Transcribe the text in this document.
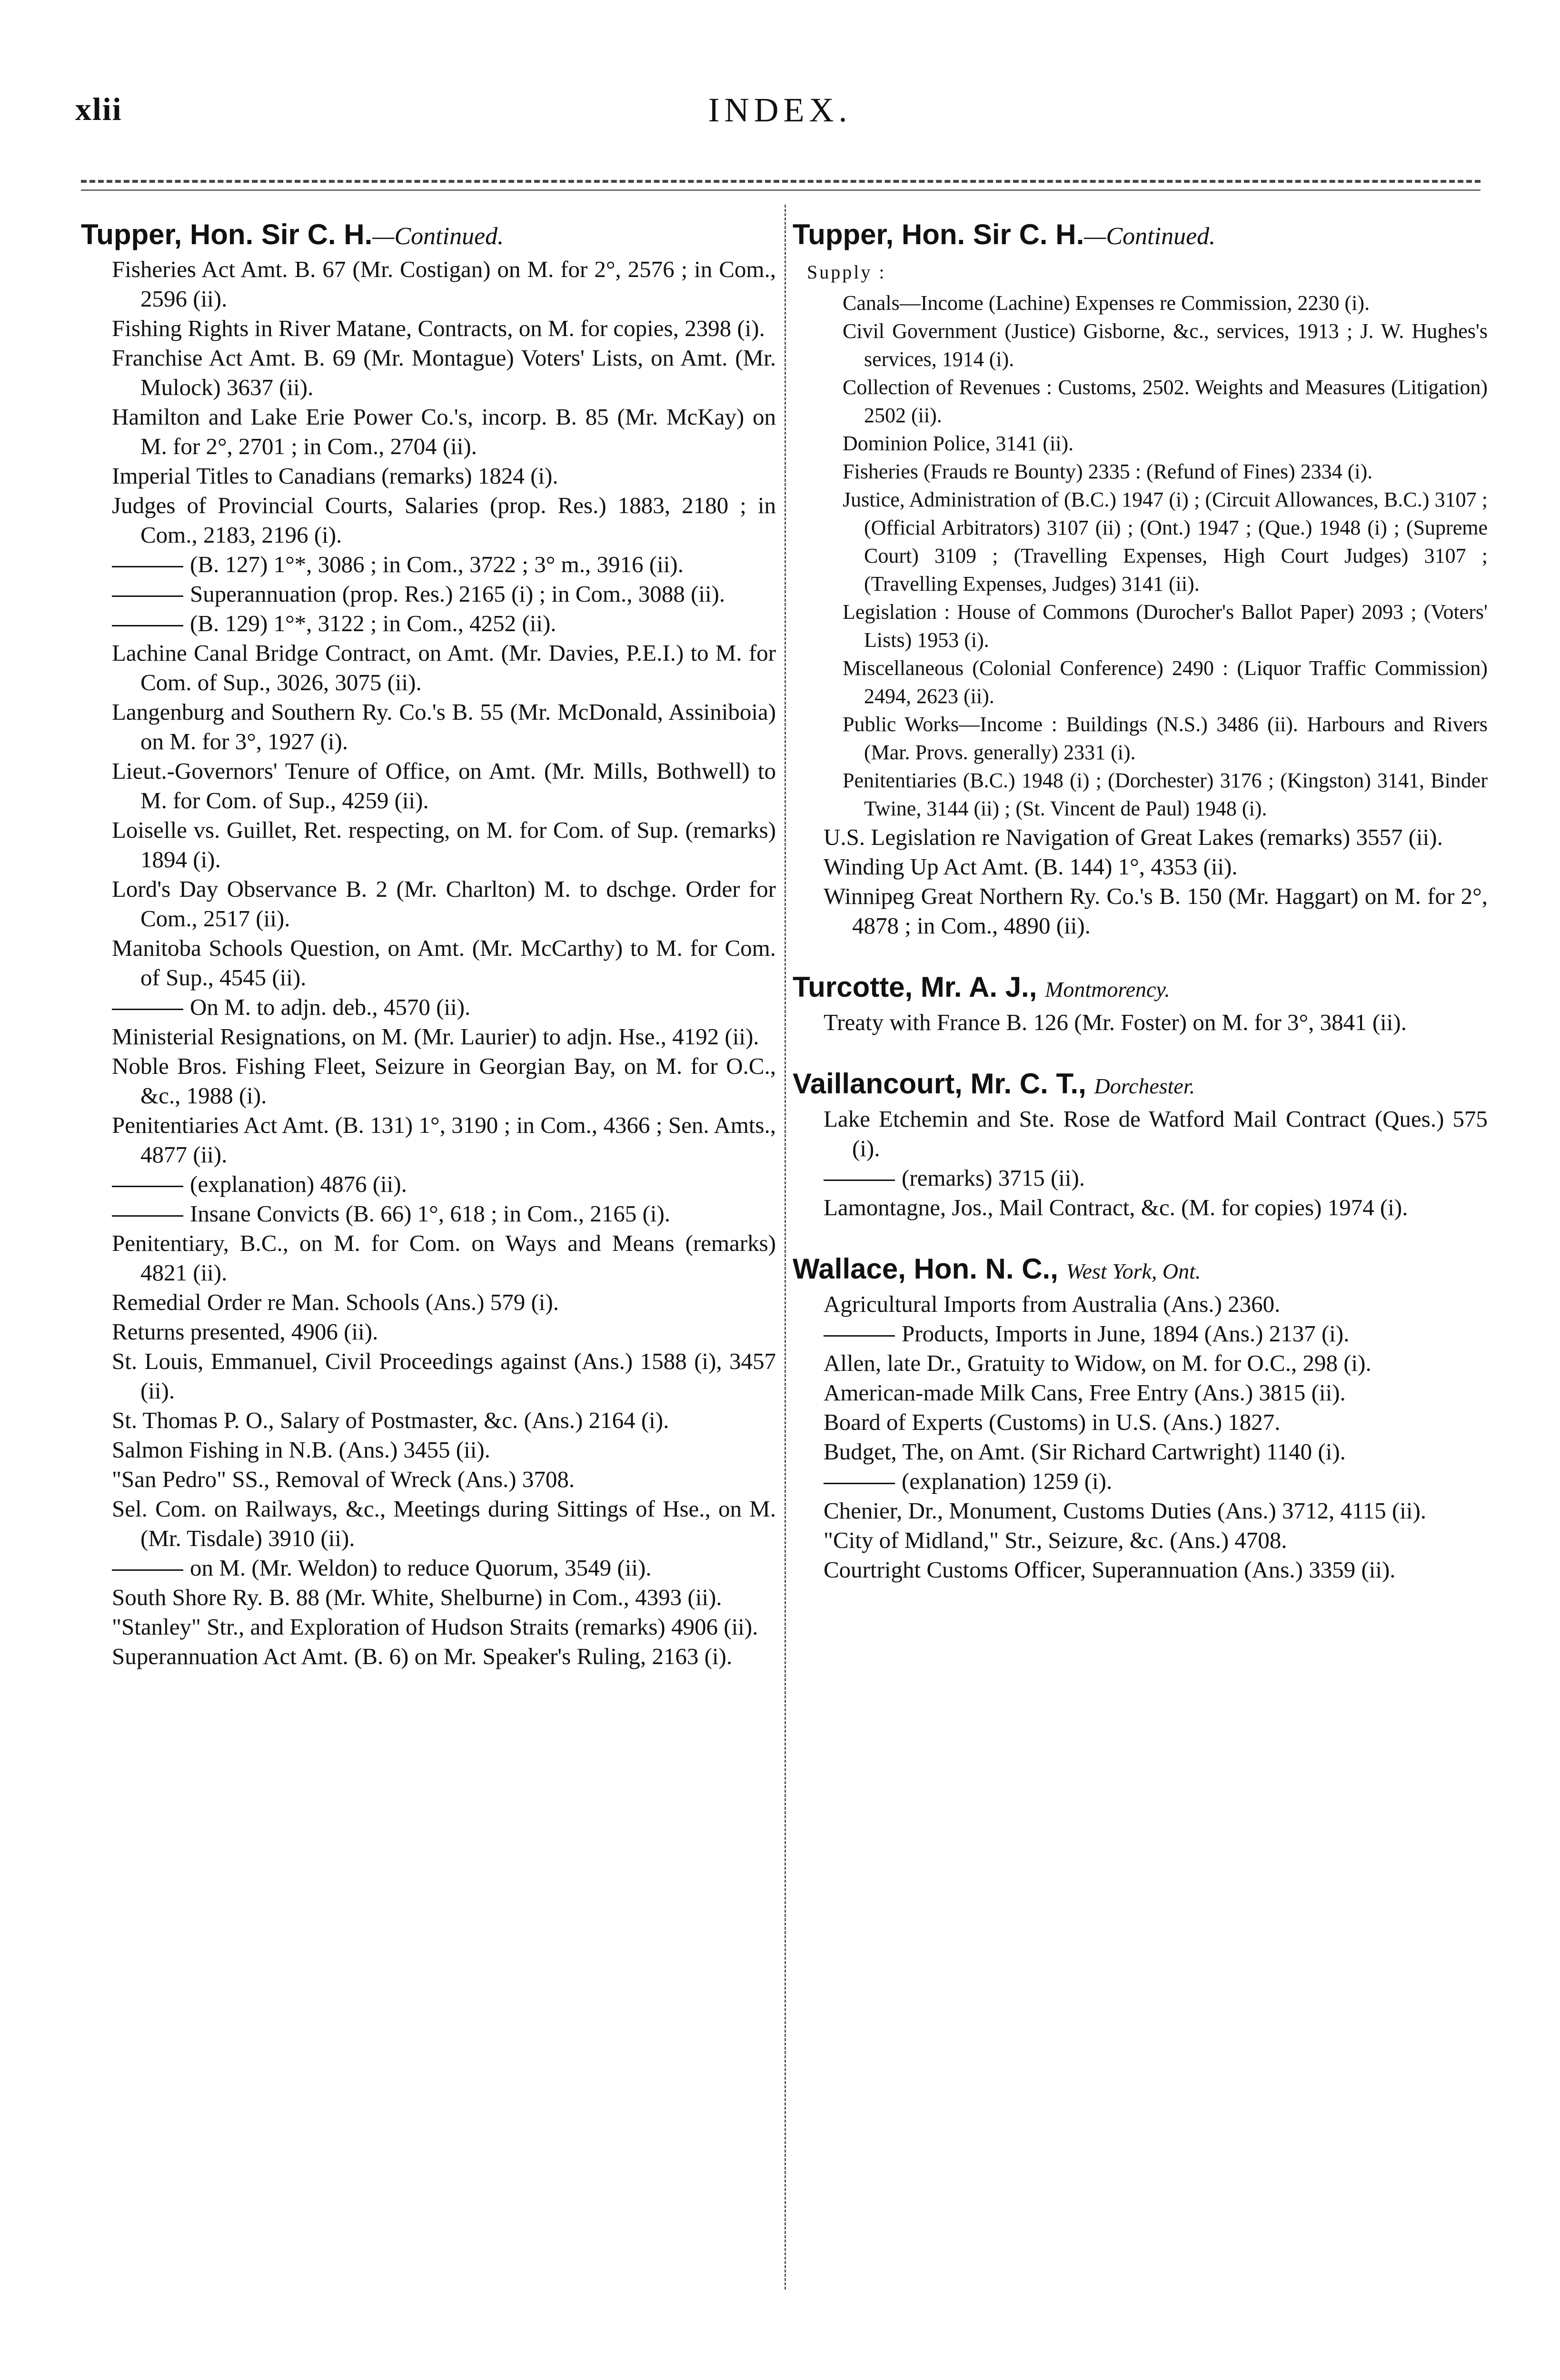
INDEX.
xlii

Tupper, Hon. Sir C. H.—Continued.

Fisheries Act Amt. B. 67 (Mr. Costigan) on M. for 2°, 2576 ; in Com., 2596 (ii).

Fishing Rights in River Matane, Contracts, on M. for copies, 2398 (i).

Franchise Act Amt. B. 69 (Mr. Montague) Voters' Lists, on Amt. (Mr. Mulock) 3637 (ii).

Hamilton and Lake Erie Power Co.'s, incorp. B. 85 (Mr. McKay) on M. for 2°, 2701 ; in Com., 2704 (ii).

Imperial Titles to Canadians (remarks) 1824 (i).

Judges of Provincial Courts, Salaries (prop. Res.) 1883, 2180 ; in Com., 2183, 2196 (i).

(B. 127) 1°*, 3086 ; in Com., 3722 ; 3° m., 3916 (ii).

Superannuation (prop. Res.) 2165 (i) ; in Com., 3088 (ii).

(B. 129) 1°*, 3122 ; in Com., 4252 (ii).

Lachine Canal Bridge Contract, on Amt. (Mr. Davies, P.E.I.) to M. for Com. of Sup., 3026, 3075 (ii).

Langenburg and Southern Ry. Co.'s B. 55 (Mr. McDonald, Assiniboia) on M. for 3°, 1927 (i).

Lieut.-Governors' Tenure of Office, on Amt. (Mr. Mills, Bothwell) to M. for Com. of Sup., 4259 (ii).

Loiselle vs. Guillet, Ret. respecting, on M. for Com. of Sup. (remarks) 1894 (i).

Lord's Day Observance B. 2 (Mr. Charlton) M. to dschge. Order for Com., 2517 (ii).

Manitoba Schools Question, on Amt. (Mr. McCarthy) to M. for Com. of Sup., 4545 (ii).

On M. to adjn. deb., 4570 (ii).

Ministerial Resignations, on M. (Mr. Laurier) to adjn. Hse., 4192 (ii).

Noble Bros. Fishing Fleet, Seizure in Georgian Bay, on M. for O.C., &c., 1988 (i).

Penitentiaries Act Amt. (B. 131) 1°, 3190 ; in Com., 4366 ; Sen. Amts., 4877 (ii).

(explanation) 4876 (ii).

Insane Convicts (B. 66) 1°, 618 ; in Com., 2165 (i).

Penitentiary, B.C., on M. for Com. on Ways and Means (remarks) 4821 (ii).

Remedial Order re Man. Schools (Ans.) 579 (i).

Returns presented, 4906 (ii).

St. Louis, Emmanuel, Civil Proceedings against (Ans.) 1588 (i), 3457 (ii).

St. Thomas P. O., Salary of Postmaster, &c. (Ans.) 2164 (i).

Salmon Fishing in N.B. (Ans.) 3455 (ii).

"San Pedro" SS., Removal of Wreck (Ans.) 3708.

Sel. Com. on Railways, &c., Meetings during Sittings of Hse., on M. (Mr. Tisdale) 3910 (ii).

on M. (Mr. Weldon) to reduce Quorum, 3549 (ii).

South Shore Ry. B. 88 (Mr. White, Shelburne) in Com., 4393 (ii).

"Stanley" Str., and Exploration of Hudson Straits (remarks) 4906 (ii).

Superannuation Act Amt. (B. 6) on Mr. Speaker's Ruling, 2163 (i).

Tupper, Hon. Sir C. H.—Continued.

Supply :

Canals—Income (Lachine) Expenses re Commission, 2230 (i).

Civil Government (Justice) Gisborne, &c., services, 1913 ; J. W. Hughes's services, 1914 (i).

Collection of Revenues : Customs, 2502. Weights and Measures (Litigation) 2502 (ii).

Dominion Police, 3141 (ii).

Fisheries (Frauds re Bounty) 2335 : (Refund of Fines) 2334 (i).

Justice, Administration of (B.C.) 1947 (i) ; (Circuit Allowances, B.C.) 3107 ; (Official Arbitrators) 3107 (ii) ; (Ont.) 1947 ; (Que.) 1948 (i) ; (Supreme Court) 3109 ; (Travelling Expenses, High Court Judges) 3107 ; (Travelling Expenses, Judges) 3141 (ii).

Legislation : House of Commons (Durocher's Ballot Paper) 2093 ; (Voters' Lists) 1953 (i).

Miscellaneous (Colonial Conference) 2490 : (Liquor Traffic Commission) 2494, 2623 (ii).

Public Works—Income : Buildings (N.S.) 3486 (ii). Harbours and Rivers (Mar. Provs. generally) 2331 (i).

Penitentiaries (B.C.) 1948 (i) ; (Dorchester) 3176 ; (Kingston) 3141, Binder Twine, 3144 (ii) ; (St. Vincent de Paul) 1948 (i).

U.S. Legislation re Navigation of Great Lakes (remarks) 3557 (ii).

Winding Up Act Amt. (B. 144) 1°, 4353 (ii).

Winnipeg Great Northern Ry. Co.'s B. 150 (Mr. Haggart) on M. for 2°, 4878 ; in Com., 4890 (ii).

Turcotte, Mr. A. J., Montmorency.

Treaty with France B. 126 (Mr. Foster) on M. for 3°, 3841 (ii).

Vaillancourt, Mr. C. T., Dorchester.

Lake Etchemin and Ste. Rose de Watford Mail Contract (Ques.) 575 (i).

(remarks) 3715 (ii).

Lamontagne, Jos., Mail Contract, &c. (M. for copies) 1974 (i).

Wallace, Hon. N. C., West York, Ont.

Agricultural Imports from Australia (Ans.) 2360.

Products, Imports in June, 1894 (Ans.) 2137 (i).

Allen, late Dr., Gratuity to Widow, on M. for O.C., 298 (i).

American-made Milk Cans, Free Entry (Ans.) 3815 (ii).

Board of Experts (Customs) in U.S. (Ans.) 1827.

Budget, The, on Amt. (Sir Richard Cartwright) 1140 (i).

(explanation) 1259 (i).

Chenier, Dr., Monument, Customs Duties (Ans.) 3712, 4115 (ii).

"City of Midland," Str., Seizure, &c. (Ans.) 4708.

Courtright Customs Officer, Superannuation (Ans.) 3359 (ii).
